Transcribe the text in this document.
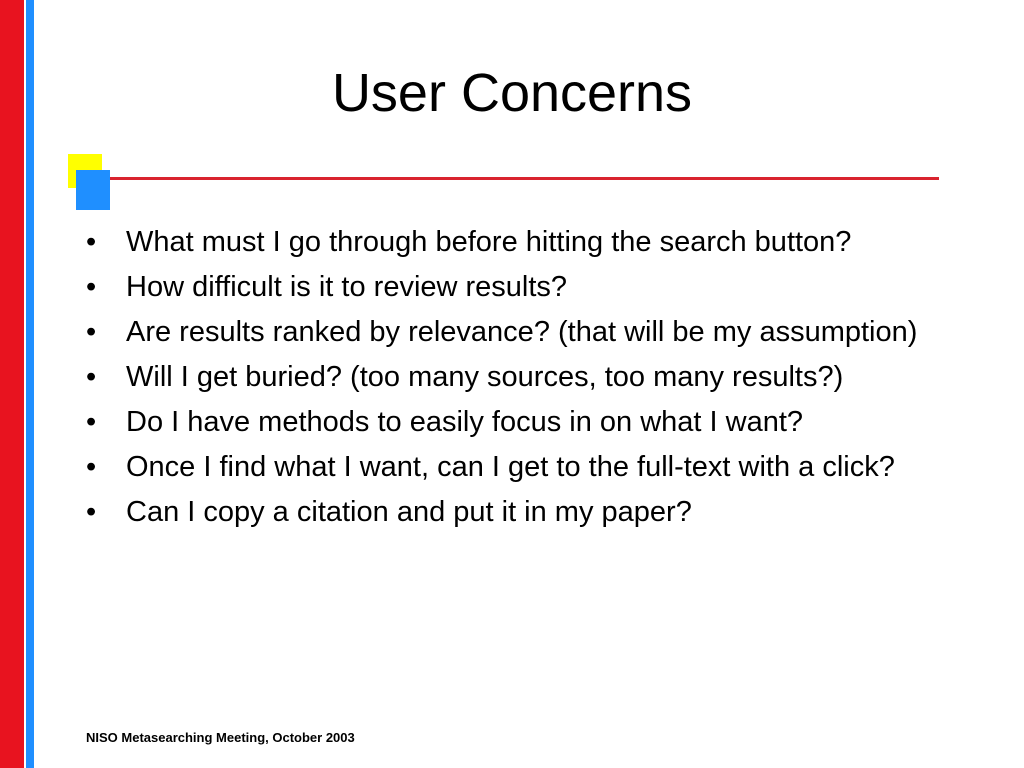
User Concerns
• What must I go through before hitting the search button?
• How difficult is it to review results?
• Are results ranked by relevance? (that will be my assumption)
• Will I get buried? (too many sources, too many results?)
• Do I have methods to easily focus in on what I want?
• Once I find what I want, can I get to the full-text with a click?
• Can I copy a citation and put it in my paper?
NISO Metasearching Meeting, October 2003
